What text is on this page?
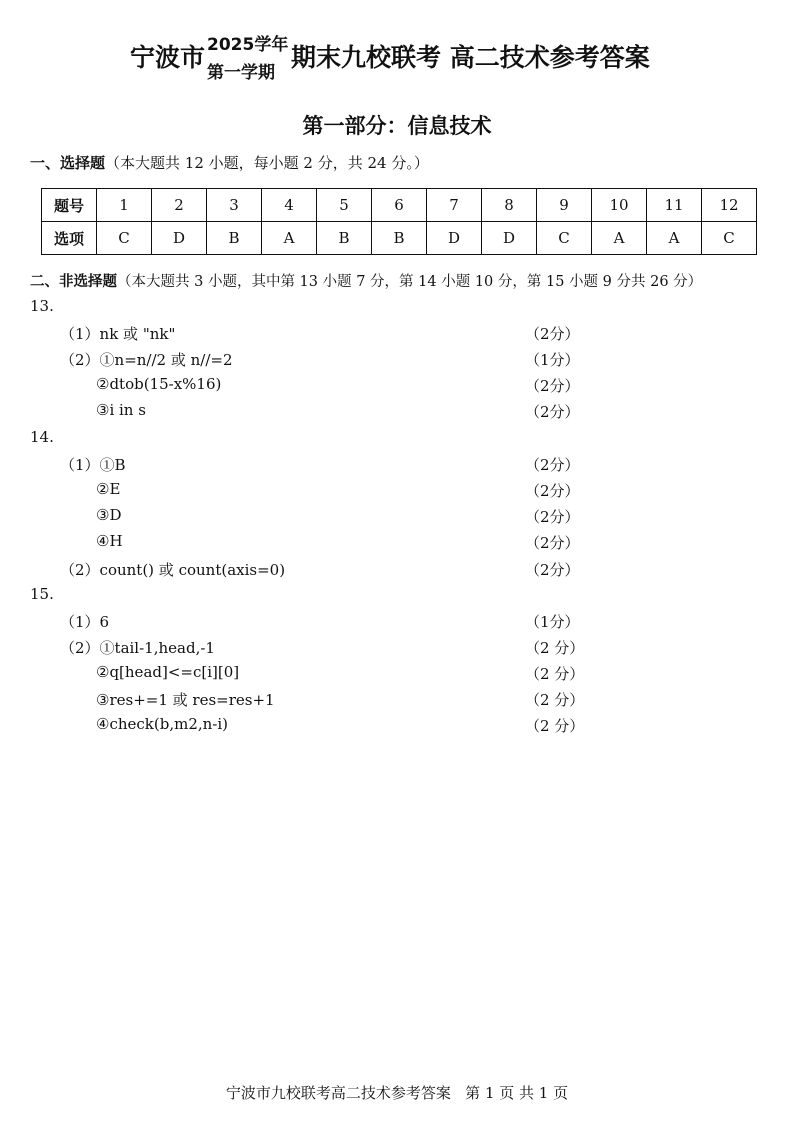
宁波市 2025学年
第一学期
期末九校联考 高二技术参考答案
第一部分：信息技术
一、选择题（本大题共 12 小题，每小题 2 分，共 24 分。）
题号	1	2	3	4	5	6	7	8	9	10	11	12
选项	C	D	B	A	B	B	D	D	C	A	A	C
二、非选择题（本大题共 3 小题，其中第 13 小题 7 分，第 14 小题 10 分，第 15 小题 9 分共 26 分）
13.
（1）nk 或 "nk"	（2分）
（2）①n=n//2 或 n//=2	（1分）
②dtob(15-x%16)	（2分）
③i in s	（2分）
14.
（1）①B	（2分）
②E	（2分）
③D	（2分）
④H	（2分）
（2）count() 或 count(axis=0)	（2分）
15.
（1）6	（1分）
（2）①tail-1,head,-1	（2 分）
②q[head]<=c[i][0]	（2 分）
③res+=1 或 res=res+1	（2 分）
④check(b,m2,n-i)	（2 分）
宁波市九校联考高二技术参考答案   第 1 页 共 1 页
